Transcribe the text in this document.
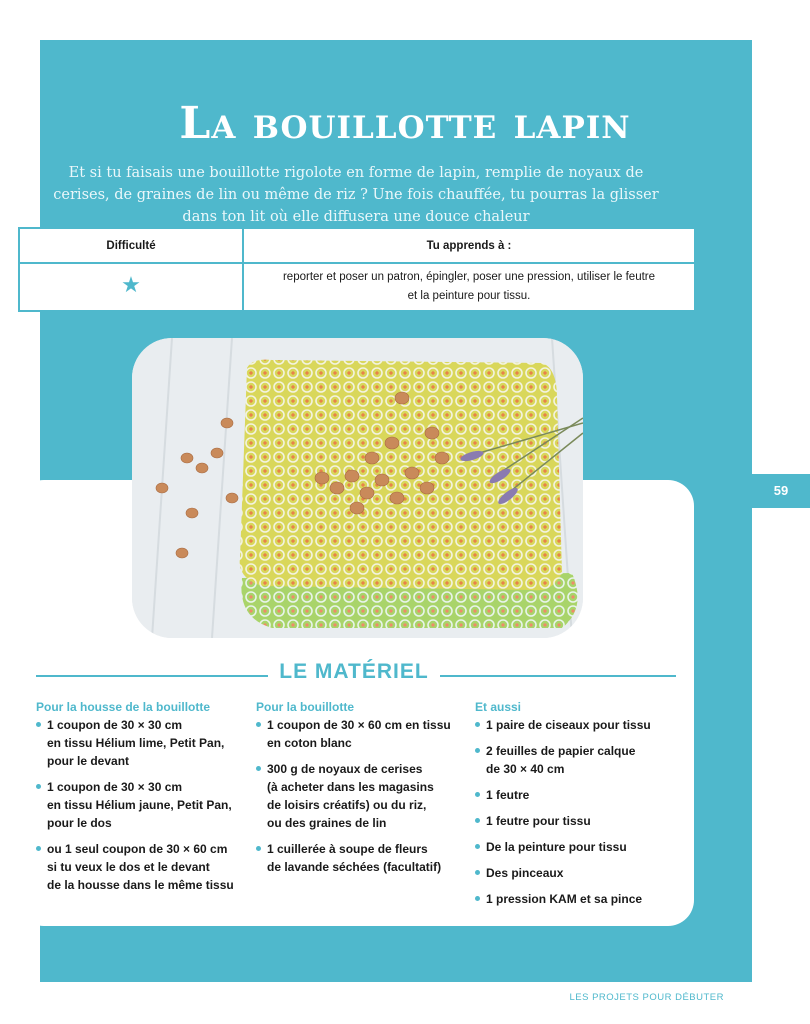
La bouillotte lapin

Et si tu faisais une bouillotte rigolote en forme de lapin, remplie de noyaux de cerises, de graines de lin ou même de riz ? Une fois chauffée, tu pourras la glisser dans ton lit où elle diffusera une douce chaleur

Difficulté	Tu apprends à :
★	reporter et poser un patron, épingler, poser une pression, utiliser le feutre
et la peinture pour tissu.
LE MATÉRIEL
Pour la housse de la bouillotte
1 coupon de 30 × 30 cm
en tissu Hélium lime, Petit Pan,
pour le devant
1 coupon de 30 × 30 cm
en tissu Hélium jaune, Petit Pan,
pour le dos
ou 1 seul coupon de 30 × 60 cm
si tu veux le dos et le devant
de la housse dans le même tissu
Pour la bouillotte
1 coupon de 30 × 60 cm en tissu
en coton blanc
300 g de noyaux de cerises
(à acheter dans les magasins
de loisirs créatifs) ou du riz,
ou des graines de lin
1 cuillerée à soupe de fleurs
de lavande séchées (facultatif)
Et aussi
1 paire de ciseaux pour tissu
2 feuilles de papier calque
de 30 × 40 cm
1 feutre
1 feutre pour tissu
De la peinture pour tissu
Des pinceaux
1 pression KAM et sa pince
59
LES PROJETS POUR DÉBUTER
